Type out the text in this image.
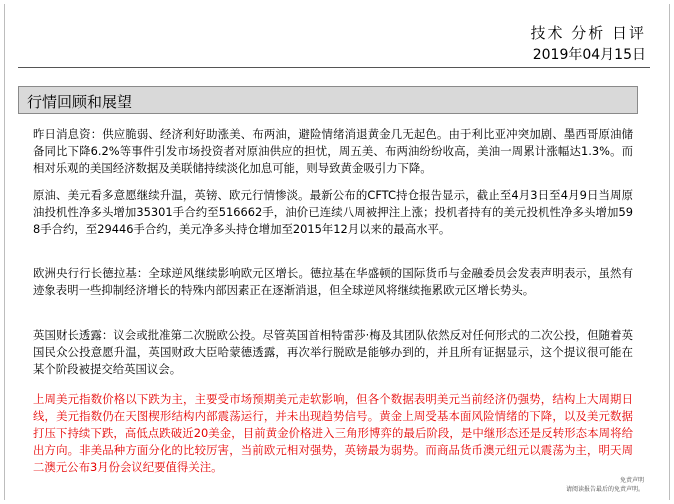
技术 分析 日评
2019年04月15日
行情回顾和展望

昨日消息资：供应脆弱、经济利好助涨美、布两油，避险情绪消退黄金几无起色。由于利比亚冲突加剧、墨西哥原油储备同比下降6.2%等事件引发市场投资者对原油供应的担忧，周五美、布两油纷纷收高，美油一周累计涨幅达1.3%。而相对乐观的美国经济数据及美联储持续淡化加息可能，则导致黄金吸引力下降。

原油、美元看多意愿继续升温，英镑、欧元行情惨淡。最新公布的CFTC持仓报告显示，截止至4月3日至4月9日当周原油投机性净多头增加35301手合约至516662手，油价已连续八周被押注上涨；投机者持有的美元投机性净多头增加598手合约，至29446手合约，美元净多头持仓增加至2015年12月以来的最高水平。

欧洲央行行长德拉基：全球逆风继续影响欧元区增长。德拉基在华盛顿的国际货币与金融委员会发表声明表示，虽然有迹象表明一些抑制经济增长的特殊内部因素正在逐渐消退，但全球逆风将继续拖累欧元区增长势头。

英国财长透露：议会或批准第二次脱欧公投。尽管英国首相特雷莎·梅及其团队依然反对任何形式的二次公投，但随着英国民众公投意愿升温，英国财政大臣哈蒙德透露，再次举行脱欧是能够办到的，并且所有证据显示，这个提议很可能在某个阶段被提交给英国议会。

上周美元指数价格以下跌为主，主要受市场预期美元走软影响，但各个数据表明美元当前经济仍强势，结构上大周期日线，美元指数仍在天图楔形结构内部震荡运行，并未出现趋势信号。黄金上周受基本面风险情绪的下降，以及美元数据打压下持续下跌，高低点跌破近20美金，目前黄金价格进入三角形博弈的最后阶段，是中继形态还是反转形态本周将给出方向。非美品种方面分化的比较厉害，当前欧元相对强势，英镑最为弱势。而商品货币澳元纽元以震荡为主，明天周二澳元公布3月份会议纪要值得关注。

免责声明
请阅读报告最后的免责声明。
